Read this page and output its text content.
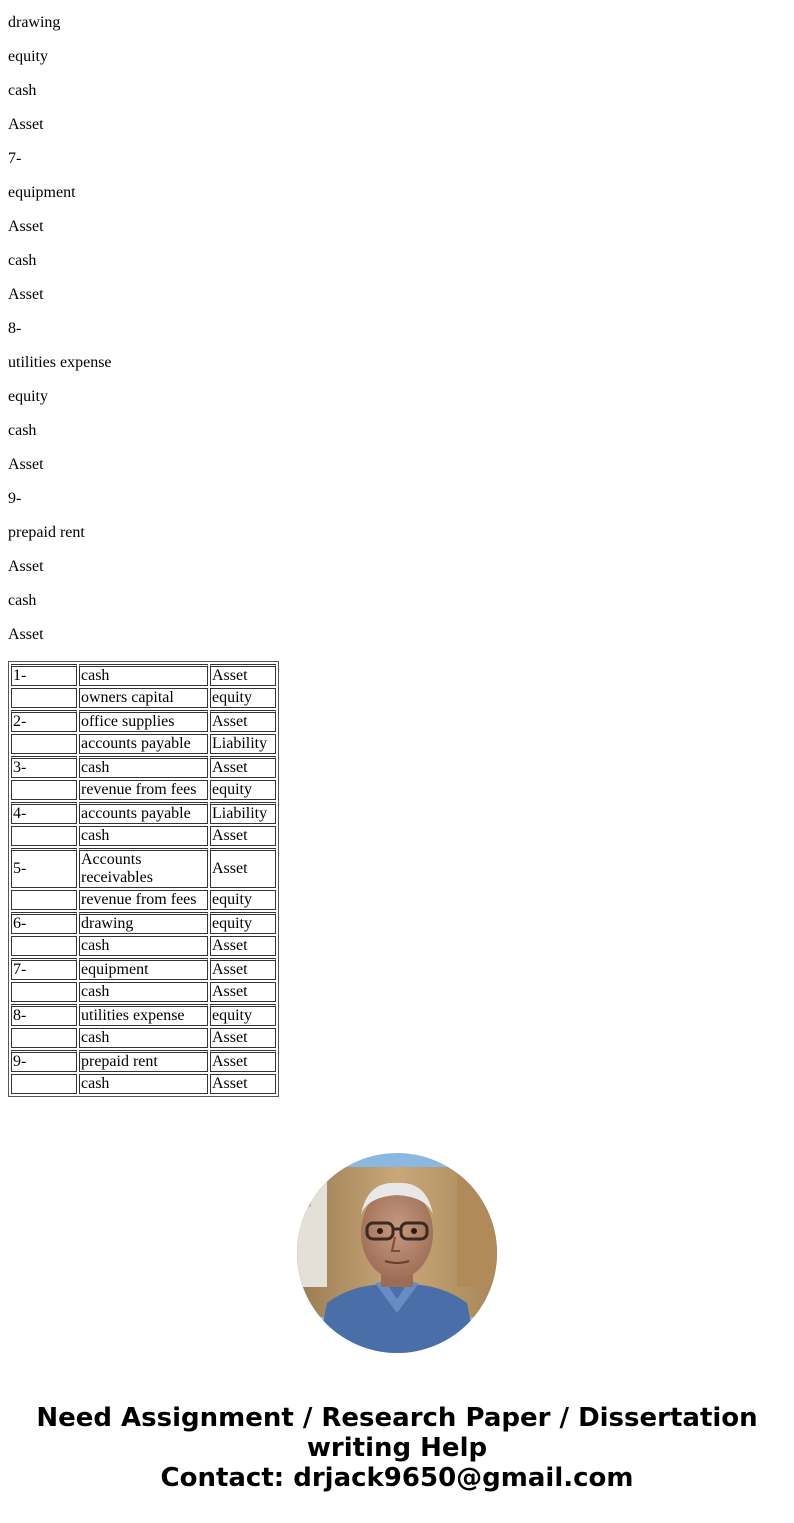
drawing

equity

cash

Asset

7-

equipment

Asset

cash

Asset

8-

utilities expense

equity

cash

Asset

9-

prepaid rent

Asset

cash

Asset

1-	cash	Asset
	owners capital	equity
2-	office supplies	Asset
	accounts payable	Liability
3-	cash	Asset
	revenue from fees	equity
4-	accounts payable	Liability
	cash	Asset
5-	Accounts receivables	Asset
	revenue from fees	equity
6-	drawing	equity
	cash	Asset
7-	equipment	Asset
	cash	Asset
8-	utilities expense	equity
	cash	Asset
9-	prepaid rent	Asset
	cash	Asset
Need Assignment / Research Paper / Dissertation
writing Help
Contact: drjack9650@gmail.com
